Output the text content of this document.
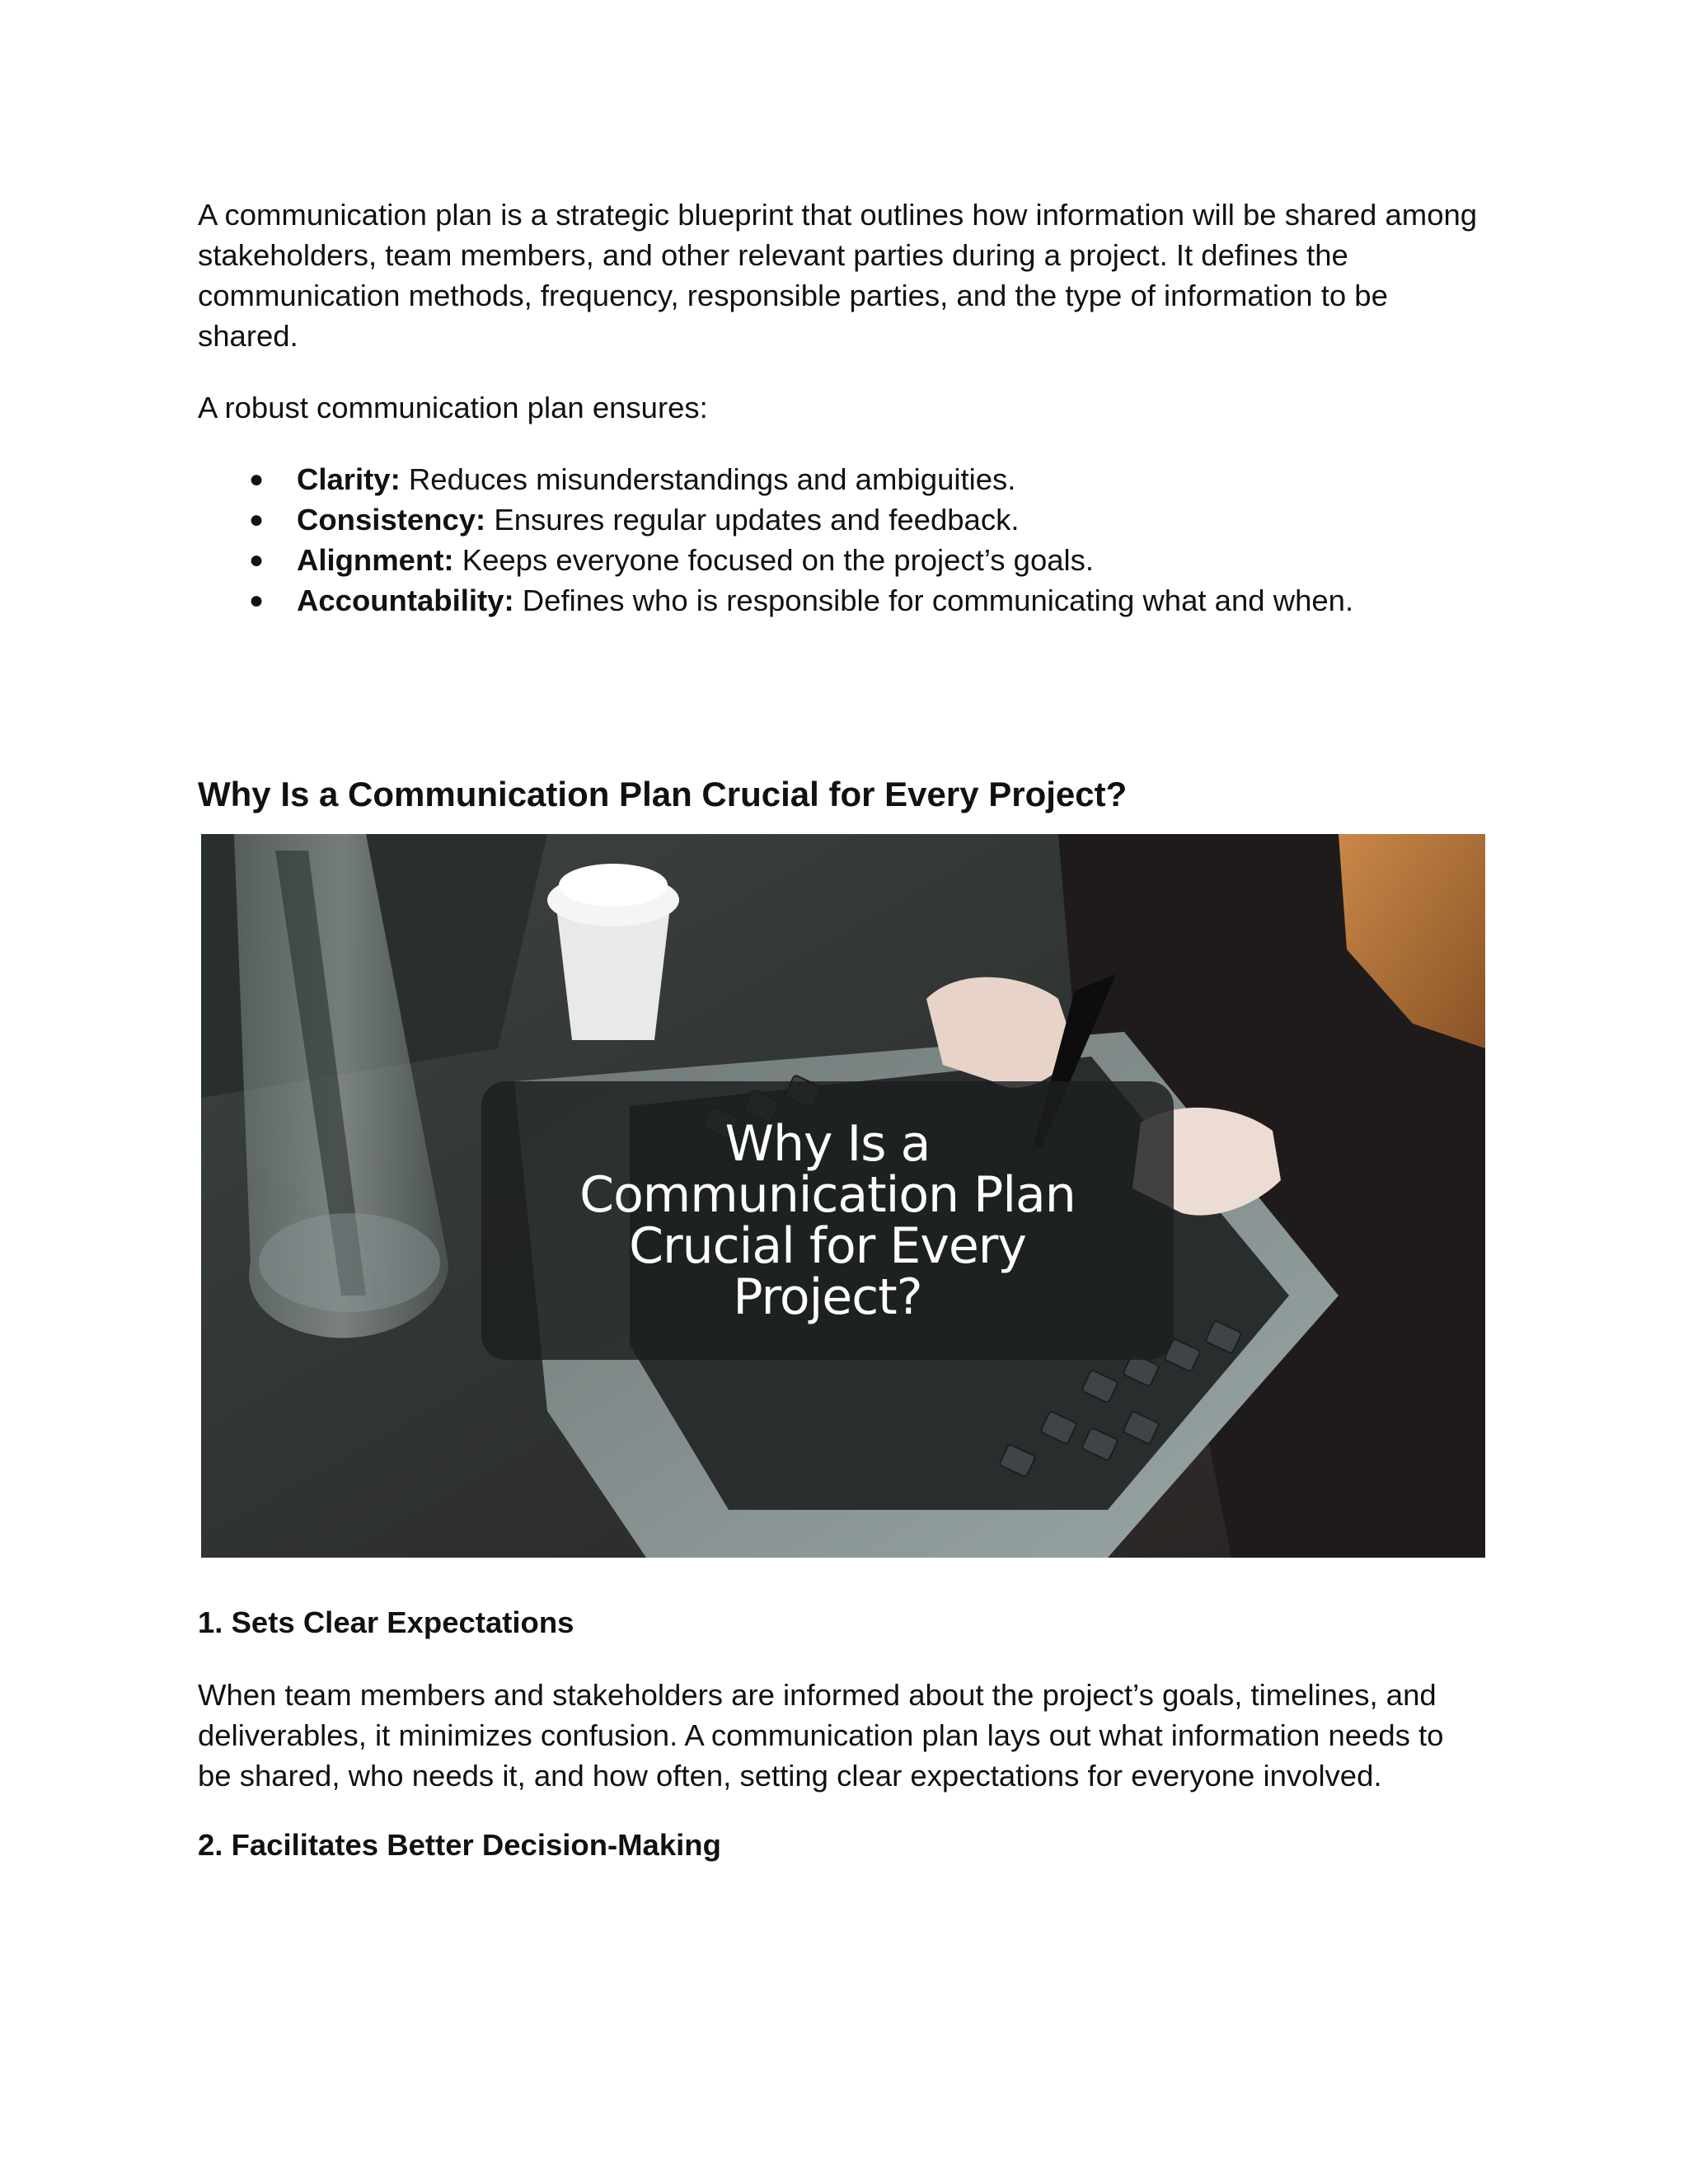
A communication plan is a strategic blueprint that outlines how information will be shared among stakeholders, team members, and other relevant parties during a project. It defines the communication methods, frequency, responsible parties, and the type of information to be shared.

A robust communication plan ensures:

● Clarity: Reduces misunderstandings and ambiguities.
● Consistency: Ensures regular updates and feedback.
● Alignment: Keeps everyone focused on the project’s goals.
● Accountability: Defines who is responsible for communicating what and when.
Why Is a Communication Plan Crucial for Every Project?
Why Is a Communication Plan Crucial for Every Project?
1. Sets Clear Expectations

When team members and stakeholders are informed about the project’s goals, timelines, and deliverables, it minimizes confusion. A communication plan lays out what information needs to be shared, who needs it, and how often, setting clear expectations for everyone involved.

2. Facilitates Better Decision-Making
